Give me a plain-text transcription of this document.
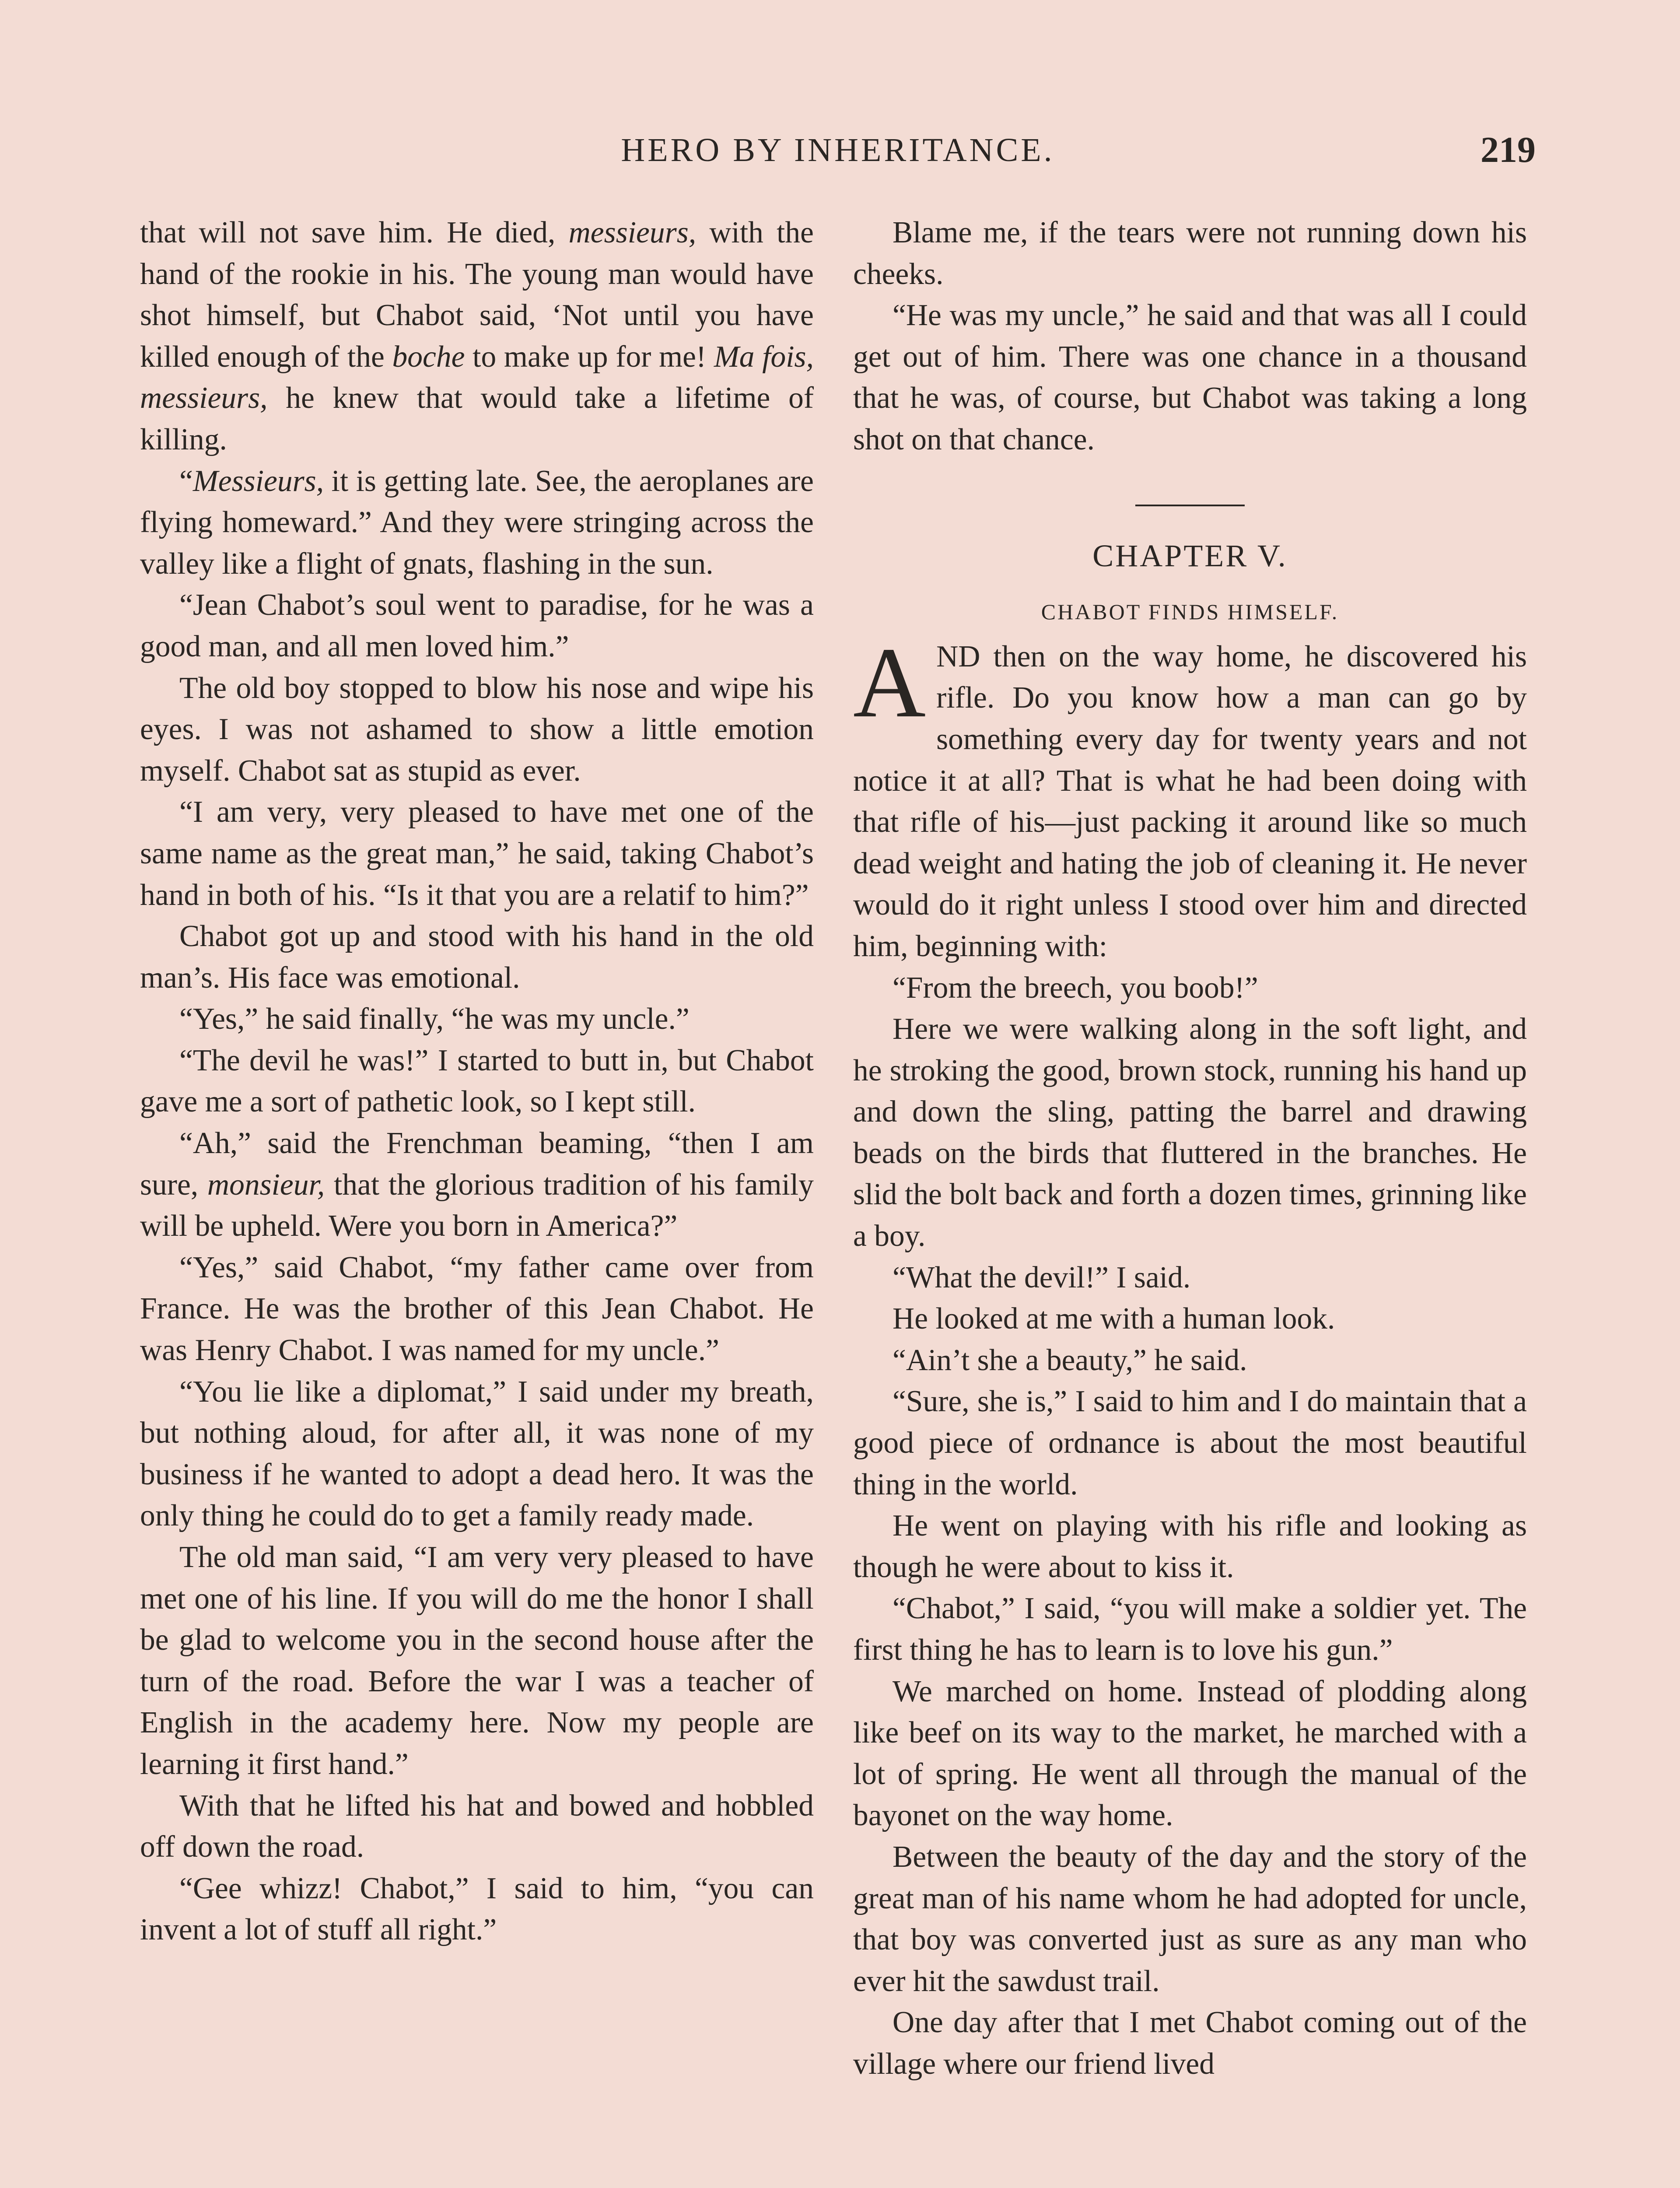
HERO BY INHERITANCE.	219

that will not save him. He died, messieurs, with the hand of the rookie in his. The young man would have shot himself, but Chabot said, ‘Not until you have killed enough of the boche to make up for me! Ma fois, messieurs, he knew that would take a lifetime of killing.

“Messieurs, it is getting late. See, the aeroplanes are flying homeward.” And they were stringing across the valley like a flight of gnats, flashing in the sun.

“Jean Chabot’s soul went to paradise, for he was a good man, and all men loved him.”

The old boy stopped to blow his nose and wipe his eyes. I was not ashamed to show a little emotion myself. Chabot sat as stupid as ever.

“I am very, very pleased to have met one of the same name as the great man,” he said, taking Chabot’s hand in both of his. “Is it that you are a relatif to him?”

Chabot got up and stood with his hand in the old man’s. His face was emotional.

“Yes,” he said finally, “he was my uncle.”

“The devil he was!” I started to butt in, but Chabot gave me a sort of pathetic look, so I kept still.

“Ah,” said the Frenchman beaming, “then I am sure, monsieur, that the glorious tradition of his family will be upheld. Were you born in America?”

“Yes,” said Chabot, “my father came over from France. He was the brother of this Jean Chabot. He was Henry Chabot. I was named for my uncle.”

“You lie like a diplomat,” I said under my breath, but nothing aloud, for after all, it was none of my business if he wanted to adopt a dead hero. It was the only thing he could do to get a family ready made.

The old man said, “I am very very pleased to have met one of his line. If you will do me the honor I shall be glad to welcome you in the second house after the turn of the road. Before the war I was a teacher of English in the academy here. Now my people are learning it first hand.”

With that he lifted his hat and bowed and hobbled off down the road.

“Gee whizz! Chabot,” I said to him, “you can invent a lot of stuff all right.”

Blame me, if the tears were not running down his cheeks.

“He was my uncle,” he said and that was all I could get out of him. There was one chance in a thousand that he was, of course, but Chabot was taking a long shot on that chance.

CHAPTER V.
CHABOT FINDS HIMSELF.

AND then on the way home, he discovered his rifle. Do you know how a man can go by something every day for twenty years and not notice it at all? That is what he had been doing with that rifle of his—just packing it around like so much dead weight and hating the job of cleaning it. He never would do it right unless I stood over him and directed him, beginning with:

“From the breech, you boob!”

Here we were walking along in the soft light, and he stroking the good, brown stock, running his hand up and down the sling, patting the barrel and drawing beads on the birds that fluttered in the branches. He slid the bolt back and forth a dozen times, grinning like a boy.

“What the devil!” I said.

He looked at me with a human look.

“Ain’t she a beauty,” he said.

“Sure, she is,” I said to him and I do maintain that a good piece of ordnance is about the most beautiful thing in the world.

He went on playing with his rifle and looking as though he were about to kiss it.

“Chabot,” I said, “you will make a soldier yet. The first thing he has to learn is to love his gun.”

We marched on home. Instead of plodding along like beef on its way to the market, he marched with a lot of spring. He went all through the manual of the bayonet on the way home.

Between the beauty of the day and the story of the great man of his name whom he had adopted for uncle, that boy was converted just as sure as any man who ever hit the sawdust trail.

One day after that I met Chabot coming out of the village where our friend lived
